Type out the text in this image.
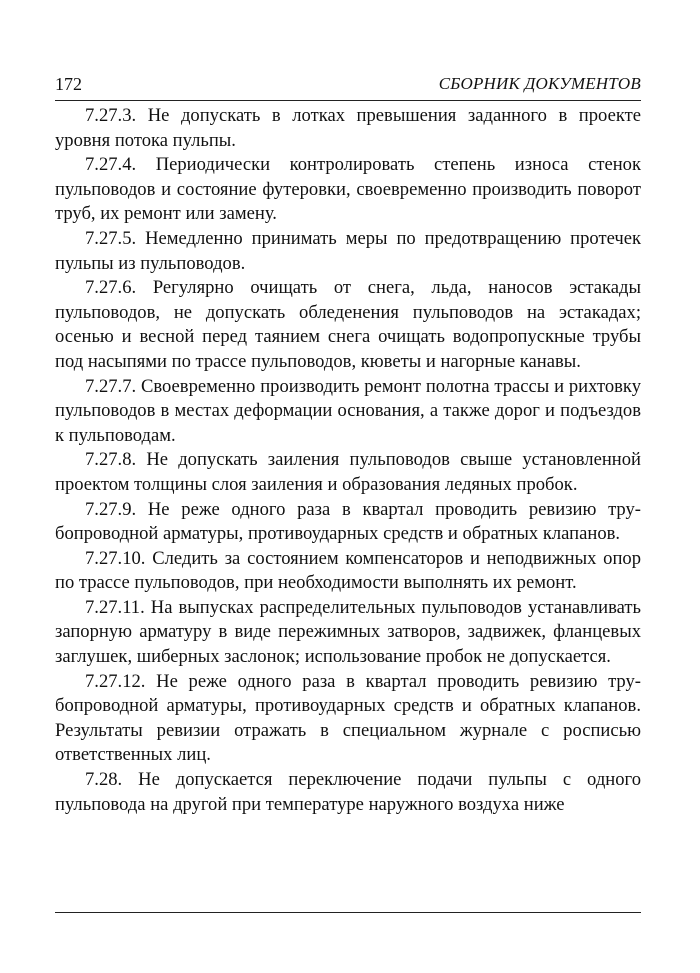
172	СБОРНИК ДОКУМЕНТОВ

7.27.3. Не допускать в лотках превышения заданного в проекте уровня потока пульпы.

7.27.4. Периодически контролировать степень износа стенок пульповодов и состояние футеровки, своевременно производить поворот труб, их ремонт или замену.

7.27.5. Немедленно принимать меры по предотвращению протечек пульпы из пульповодов.

7.27.6. Регулярно очищать от снега, льда, наносов эстакады пульповодов, не допускать обледенения пульповодов на эстакадах; осенью и весной перед таянием снега очищать водопропускные трубы под насыпями по трассе пульповодов, кюветы и нагорные канавы.

7.27.7. Своевременно производить ремонт полотна трассы и рихтовку пульповодов в местах деформации основания, а также дорог и подъездов к пульповодам.

7.27.8. Не допускать заиления пульповодов свыше установленной проектом толщины слоя заиления и образования ледяных пробок.

7.27.9. Не реже одного раза в квартал проводить ревизию трубопроводной арматуры, противоударных средств и обратных клапанов.

7.27.10. Следить за состоянием компенсаторов и неподвижных опор по трассе пульповодов, при необходимости выполнять их ремонт.

7.27.11. На выпусках распределительных пульповодов устанавливать запорную арматуру в виде пережимных затворов, задвижек, фланцевых заглушек, шиберных заслонок; использование пробок не допускается.

7.27.12. Не реже одного раза в квартал проводить ревизию трубопроводной арматуры, противоударных средств и обратных клапанов. Результаты ревизии отражать в специальном журнале с росписью ответственных лиц.

7.28. Не допускается переключение подачи пульпы с одного пульповода на другой при температуре наружного воздуха ниже
